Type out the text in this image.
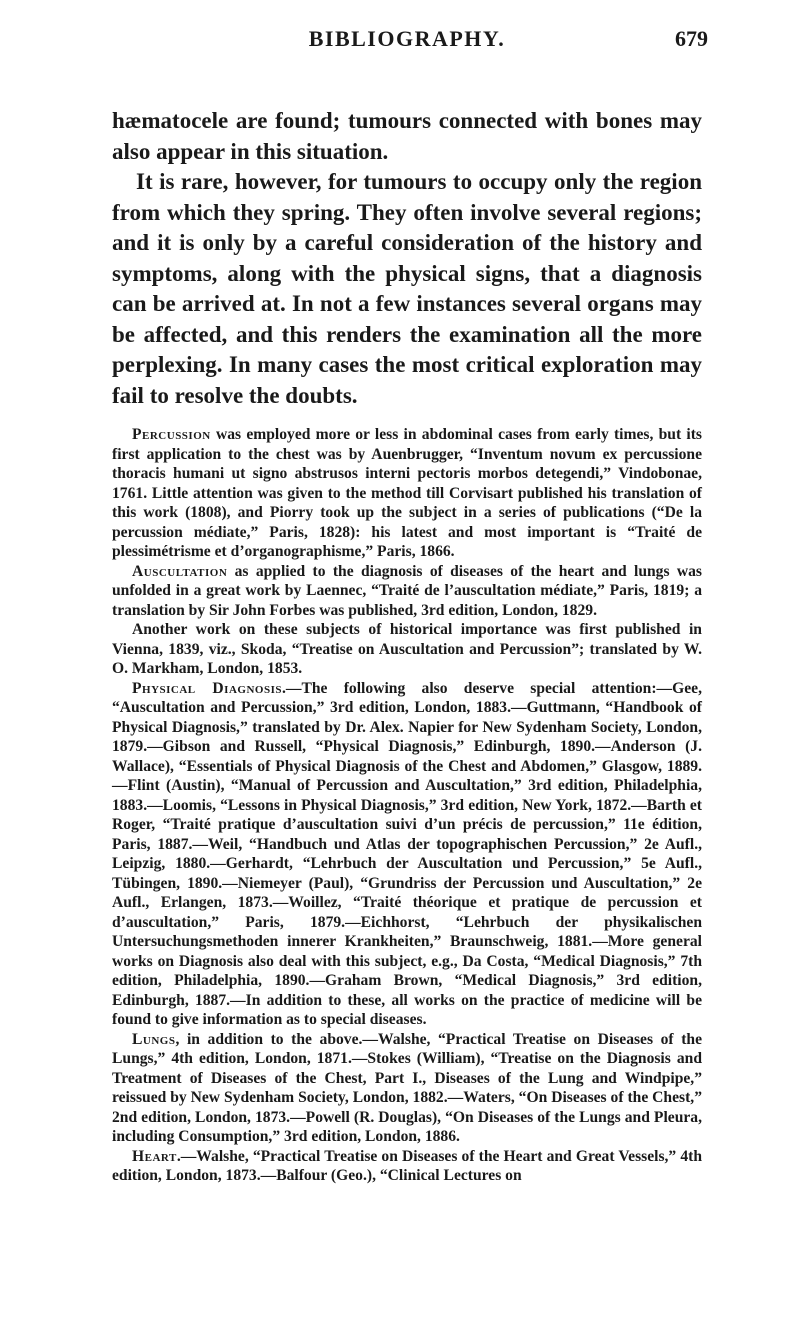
BIBLIOGRAPHY.	679

hæmatocele are found; tumours connected with bones may also appear in this situation.

It is rare, however, for tumours to occupy only the region from which they spring. They often involve several regions; and it is only by a careful consideration of the history and symptoms, along with the physical signs, that a diagnosis can be arrived at. In not a few instances several organs may be affected, and this renders the examination all the more perplexing. In many cases the most critical exploration may fail to resolve the doubts.

Percussion was employed more or less in abdominal cases from early times, but its first application to the chest was by Auenbrugger, “Inventum novum ex percussione thoracis humani ut signo abstrusos interni pectoris morbos detegendi,” Vindobonae, 1761. Little attention was given to the method till Corvisart published his translation of this work (1808), and Piorry took up the subject in a series of publications (“De la percussion médiate,” Paris, 1828): his latest and most important is “Traité de plessimétrisme et d’organographisme,” Paris, 1866.

Auscultation as applied to the diagnosis of diseases of the heart and lungs was unfolded in a great work by Laennec, “Traité de l’auscultation médiate,” Paris, 1819; a translation by Sir John Forbes was published, 3rd edition, London, 1829.

Another work on these subjects of historical importance was first published in Vienna, 1839, viz., Skoda, “Treatise on Auscultation and Percussion”; translated by W. O. Markham, London, 1853.

Physical Diagnosis.—The following also deserve special attention:—Gee, “Auscultation and Percussion,” 3rd edition, London, 1883.—Guttmann, “Handbook of Physical Diagnosis,” translated by Dr. Alex. Napier for New Sydenham Society, London, 1879.—Gibson and Russell, “Physical Diagnosis,” Edinburgh, 1890.—Anderson (J. Wallace), “Essentials of Physical Diagnosis of the Chest and Abdomen,” Glasgow, 1889.—Flint (Austin), “Manual of Percussion and Auscultation,” 3rd edition, Philadelphia, 1883.—Loomis, “Lessons in Physical Diagnosis,” 3rd edition, New York, 1872.—Barth et Roger, “Traité pratique d’auscultation suivi d’un précis de percussion,” 11e édition, Paris, 1887.—Weil, “Handbuch und Atlas der topographischen Percussion,” 2e Aufl., Leipzig, 1880.—Gerhardt, “Lehrbuch der Auscultation und Percussion,” 5e Aufl., Tübingen, 1890.—Niemeyer (Paul), “Grundriss der Percussion und Auscultation,” 2e Aufl., Erlangen, 1873.—Woillez, “Traité théorique et pratique de percussion et d’auscultation,” Paris, 1879.—Eichhorst, “Lehrbuch der physikalischen Untersuchungsmethoden innerer Krankheiten,” Braunschweig, 1881.—More general works on Diagnosis also deal with this subject, e.g., Da Costa, “Medical Diagnosis,” 7th edition, Philadelphia, 1890.—Graham Brown, “Medical Diagnosis,” 3rd edition, Edinburgh, 1887.—In addition to these, all works on the practice of medicine will be found to give information as to special diseases.

Lungs, in addition to the above.—Walshe, “Practical Treatise on Diseases of the Lungs,” 4th edition, London, 1871.—Stokes (William), “Treatise on the Diagnosis and Treatment of Diseases of the Chest, Part I., Diseases of the Lung and Windpipe,” reissued by New Sydenham Society, London, 1882.—Waters, “On Diseases of the Chest,” 2nd edition, London, 1873.—Powell (R. Douglas), “On Diseases of the Lungs and Pleura, including Consumption,” 3rd edition, London, 1886.

Heart.—Walshe, “Practical Treatise on Diseases of the Heart and Great Vessels,” 4th edition, London, 1873.—Balfour (Geo.), “Clinical Lectures on
